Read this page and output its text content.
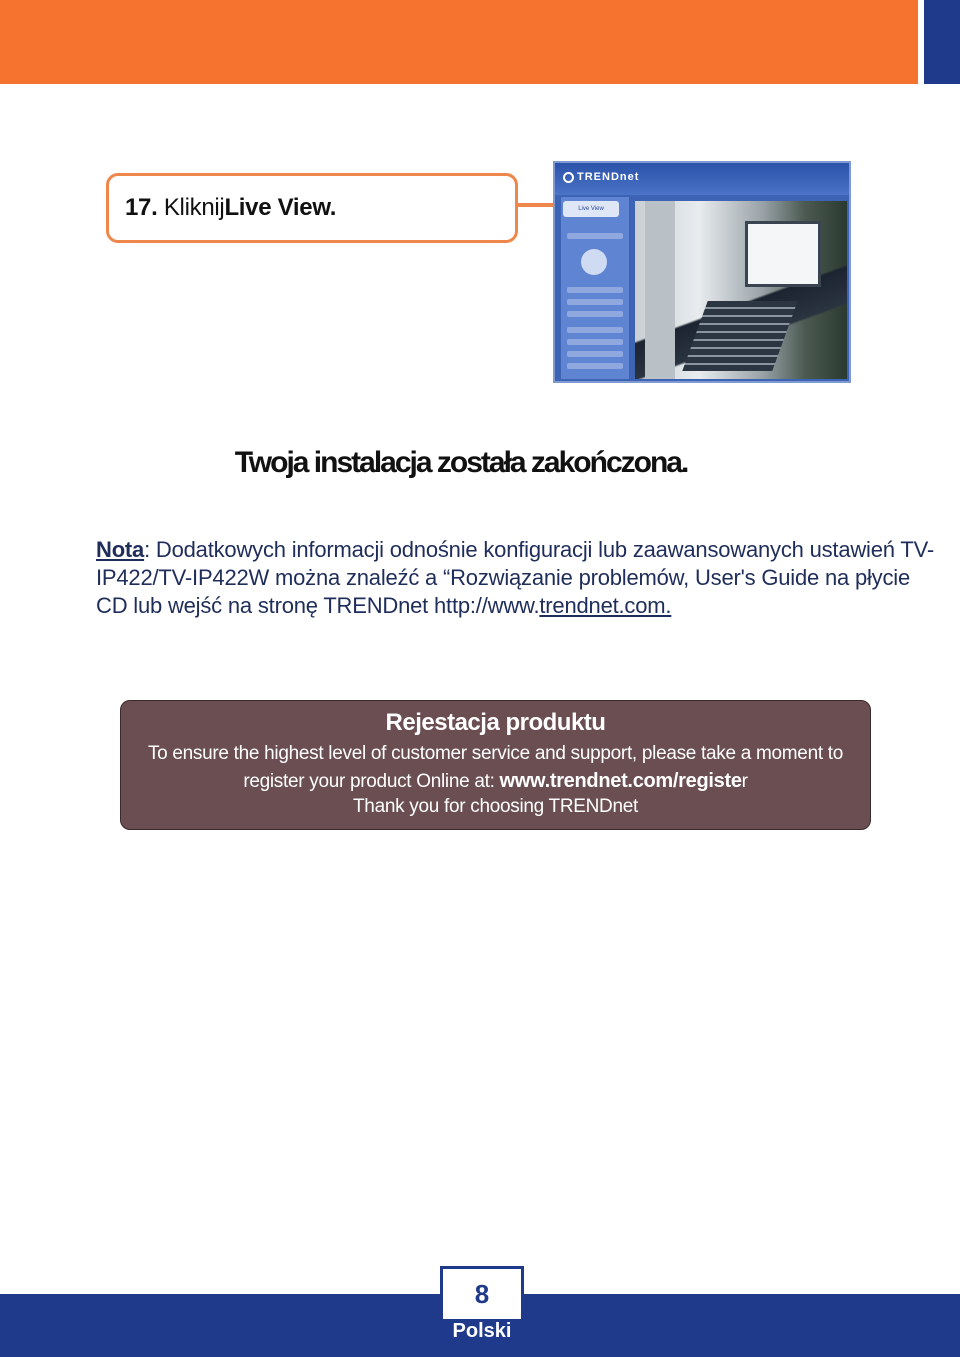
17.
Kliknij Live View.
TRENDnet
Live View
Twoja instalacja została zakończona.
Nota: Dodatkowych informacji odnośnie konfiguracji lub zaawansowanych ustawień TV-IP422/TV-IP422W można znaleźć a “Rozwiązanie problemów, User's Guide na płycie CD lub wejść na stronę TRENDnet http://www.trendnet.com.
Rejestacja produktu
To ensure the highest level of customer service and support, please take a moment to
register your product Online at: www.trendnet.com/register
Thank you for choosing TRENDnet
8
Polski
